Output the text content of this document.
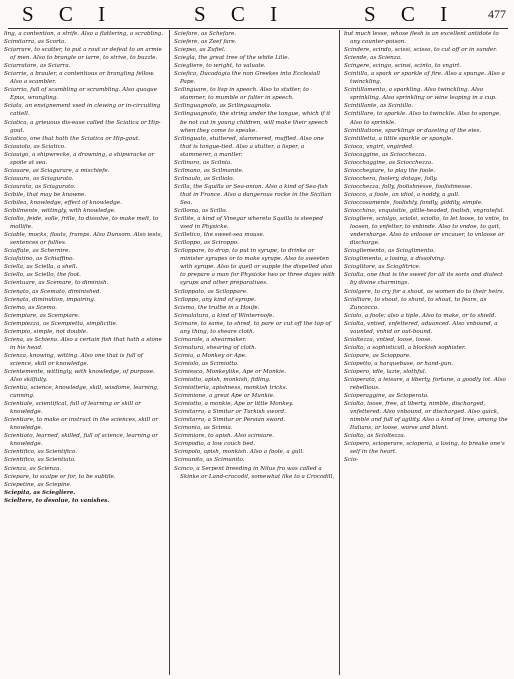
S C I	S C I	S C I	477

ling, a contention, a strife. Also a flattering, a scrabling.

Scimitarra, as Scorta.

Sciarrare, to scatter, to put a rout or defeat to an armie of men. Also to brangle or iarre, to strive, to buzzle.

Sciarratore, as Sciarra.

Sciarrie, a brauler, a contentious or brangling fellow. Also a scambler.

Sciarrio, full of scambling or scrambling. Also quoque Epus, wrangling.

Sciata, an ensignement vsed in clewing or in-circuiting cattell.

Sciatica, a grieuous dis-ease called the Sciatica or Hip-gout.

Sciatico, one that hath the Sciatica or Hip-gout.

Sciauiolo, as Sciatico.

Sciauigo, a shipwrecke, a drowning, a shipwracke or spoile at sea.

Sciauare, as Sciagurare, a mischiefe.

Sciauuro, as Sciagurato.

Sciaurato, as Sciagurato.

Scibile, that may be knowne.

Scibilea, knowledge, effect of knowledge.

Scibilmente, wittingly, with knowledge.

Sciolto, feide, solle, frille, to dissolve, to make melt, to mollifie.

Sciable, mocks, flouts, frumps. Also Dunsom. Also iests, sentences or follies.

Sciaffate, as Schernire.

Sciafatino, as Schiaffino.

Sciella, as Sciella, a shell.

Sciello, as Sciello, the foot.

Scientuare, as Scemare, to diminish.

Scienato, as Scemato, diminished.

Scienata, diminution, impairing.

Sciemo, as Scemo.

Sciempiare, as Scempiare.

Sciempiezza, as Scempietta, simplicitie.

Sciempio, simple, not double.

Sciena, as Schiena. Also a certain fish that hath a stone in his head.

Scienza, knowing, witting. Also one that is full of science, skill or knowledge.

Scientemente, wittingly, with knowledge, of purpose. Also skilfully.

Scientia, science, knowledge, skill, wisdome, learning, cunning.

Scientiale, scientifical, full of learning or skill or knowledge.

Scientiare, to make or instruct in the sciences, skill or knowledge.

Scientiato, learned, skilled, full of science, learning or knowledge.

Scientifico, as Scientifico.

Scientifico, as Scientiato.

Scienza, as Scienza.

Sciepare, to scalpe or for, to be subtile.

Sciepetine, as Sciepine.

Sciepita, as Sciegliere.

Scieltere, to desolue, to vanishes.

Sciefare, as Schefare.

Sciefere, as Zeef fare.

Sciepso, as Zufiel.

Sciegla, the great tree of the white Lilie.

Sciegliere, to wright, to valuate.

Sciefica, Ducadogia the non Greekes into Ecclesiall Pape.

Scilinguare, to lisp in speech. Also to stutter, to stammer, to mumble or falter in speech.

Scilinguagnolo, as Scilinguagnola.

Scilinguagnolo, the string under the tongue, which if it be not cut in young children, will make their speech when they come to speake.

Scilinguato, stuttered, stammered, muffled. Also one that is tongue-tied. Also a stutter, a lisper, a stammerer, a mantler.

Scilinoro, as Scilnia.

Scilmano, as Scilmanite.

Scilnaulo, as Sciliolo.

Scilla, the Squilla or Sea-onion. Also a kind of Sea-fish that in France. Also a dangerous rocke in the Sicilian Sea.

Scilloma, as Scillo.

Scillite, a kind of Vinegar whereto Squilla is steeped vsed in Physicke.

Scilletico, the sweet-sea mouse.

Scilloppo, as Sciroppo.

Sciloppare, to drop, to put in syrupe, to drinke or minister syrupes or to make syrupe. Also to sweeten with syrupe. Also to quell or supple the dispelled also to prepare a man for Physicke two or three dayes with syrups and other preparatiues.

Sciloppato, as Sciloppare.

Sciloppo, any kind of syrope.

Scisma, the truthe in a Houfe.

Scimalatura, a kind of Winterroofe.

Scimare, to same, to shred, to pare or cut off the top of any thing, to sheare cloth.

Scimarole, a shearmaker.

Scimatura, shearing of cloth.

Scimia, a Monkey or Ape.

Scimiolo, as Scimiotto.

Scimiesco, Monkeylike, Ape or Monkie.

Scimiotto, apish, monkish, fidling.

Scimiotteria, apishness, monkish tricks.

Scimmione, a great Ape or Munkie.

Scimiotto, a monkie, Ape or little Monkey.

Scimitarra, a Simitar or Turkish sword.

Scimitarra, a Simitar or Persian sword.

Scimonia, as Scimia.

Scimmiare, to apish. Also scimiare.

Scimpodio, a low couch bed.

Scimpolo, apish, monkish. Also a foole, a gull.

Scimunito, as Scimunito.

Scinco, a Serpent breeding in Nilus fro was called a Skinke or Land-crocodil, somewhat like to a Crocodill,

but much lesse, whose flesh is an excellent antidote to any counter-poison.

Scindere, scindo, scissi, scisso, to cut off or in sunder.

Sciende, as Scienza.

Scingere, scingo, scinsi, scinto, to vngirt.

Scintilla, a spark or sparkle of fire. Also a spunge. Also a twinckling.

Scintillamento, a sparkling. Also twinckling. Also sprinkling. Also sprinkling or wine leaping in a cup.

Scintillante, as Scintillo.

Scintillare, to sparkle. Also to twinckle. Also to sponge. Also to sprinkle.

Scintillatione, sparklings or dazeling of the eies.

Scintilletta, a little sparkle or spangle.

Scioca, vngirt, vngirded.

Sciocaggine, as Sciocchezza.

Sciocchaggine, as Sciocchezza.

Sciocchegiare, to play the foole.

Sciocchera, foolery, dotage, folly.

Sciocchezza, folly, foolishnesse, foolishnesse.

Sciocco, a foole, an idiot, a noddy, a gull.

Scioccosamente, foolishly, fondly, giddily, simple.

Sciocchino, vnquisitie, gittle-headed, foolish, vngrateful.

Sciogliere, sciolgo, sciolsi, sciolto, to let loose, to vntie, to loosen, to vnfetter, to vnbinde. Also to vndoe, to quit, vndersharge. Also to vnloose or vncauer, to vnloose or discharge.

Sciogliemento, as Scioglimento.

Scioglimento, a losing, a dissolving.

Scioglitore, as Scioglitrice.

Sciolta, one that is the sweet for all its sorts and dialect by divine charmings.

Sciolgere, to cry for a shout, as women do to their heirs.

Sciolliare, to shout, to shunt, to shout, to feare, as Zuncocco.

Sciolo, a foole; also a tiple. Also to make, or to shield.

Sciolta, vntied, vnfettered, aduanced. Also vnbound, a vaunted, vnhid or out-bound.

Scioltezza, vntied, loose, loose.

Sciolto, a sophisticall, a blockish sophister.

Sciopare, as Scioppare.

Sciopetto, a harquebuse, or hand-gun.

Sciopero, idle, lazie, slothful.

Scioperato, a leisure, a liberty, fortune, a goodly lot. Also rebellious.

Scioperaggine, as Scioperato.

Sciolto, loose, free, at liberty, nimble, discharged, vnfettered. Also vnbound, or discharged. Also quick, nimble and full of agility. Also a kind of tree, among the Italians, or loose, worse and blunt.

Sciolto, as Scioltezza.

Sciopero, scioperare, scioperia, a losing, to breake one's self in the heart.

Scio-
